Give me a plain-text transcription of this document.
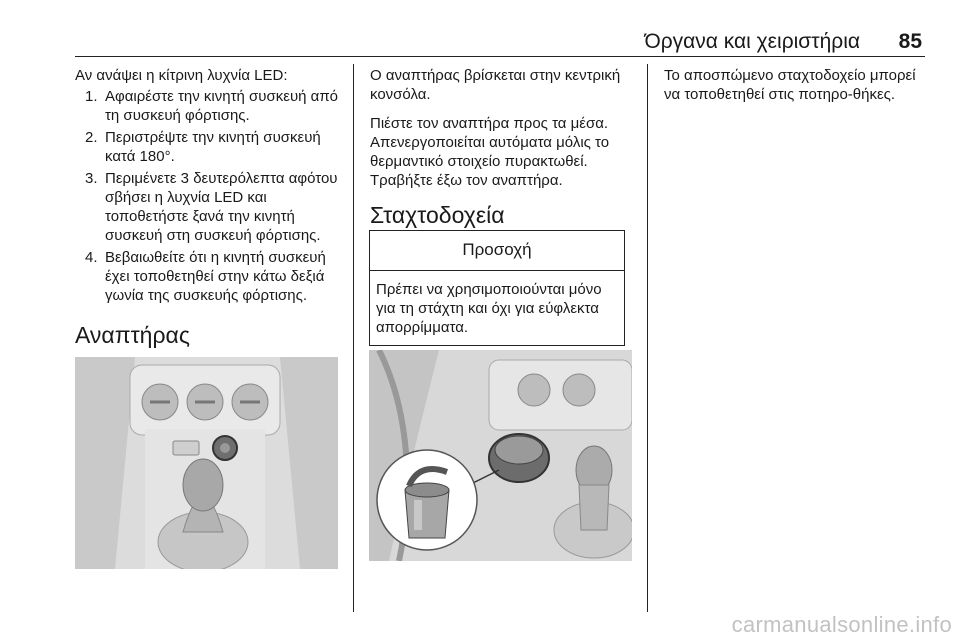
Όργανα και χειριστήρια 85

Αν ανάψει η κίτρινη λυχνία LED:

1. Αφαιρέστε την κινητή συσκευή από τη συσκευή φόρτισης.
2. Περιστρέψτε την κινητή συσκευή κατά 180°.
3. Περιμένετε 3 δευτερόλεπτα αφότου σβήσει η λυχνία LED και τοποθετήστε ξανά την κινητή συσκευή στη συσκευή φόρτισης.
4. Βεβαιωθείτε ότι η κινητή συσκευή έχει τοποθετηθεί στην κάτω δεξιά γωνία της συσκευής φόρτισης.
Αναπτήρας

Ο αναπτήρας βρίσκεται στην κεντρική κονσόλα.

Πιέστε τον αναπτήρα προς τα μέσα. Απενεργοποιείται αυτόματα μόλις το θερμαντικό στοιχείο πυρακτωθεί. Τραβήξτε έξω τον αναπτήρα.

Σταχτοδοχεία
Προσοχή
Πρέπει να χρησιμοποιούνται μόνο για τη στάχτη και όχι για εύφλεκτα απορρίμματα.

Το αποσπώμενο σταχτοδοχείο μπορεί να τοποθετηθεί στις ποτηρο-θήκες.

carmanualsonline.info
